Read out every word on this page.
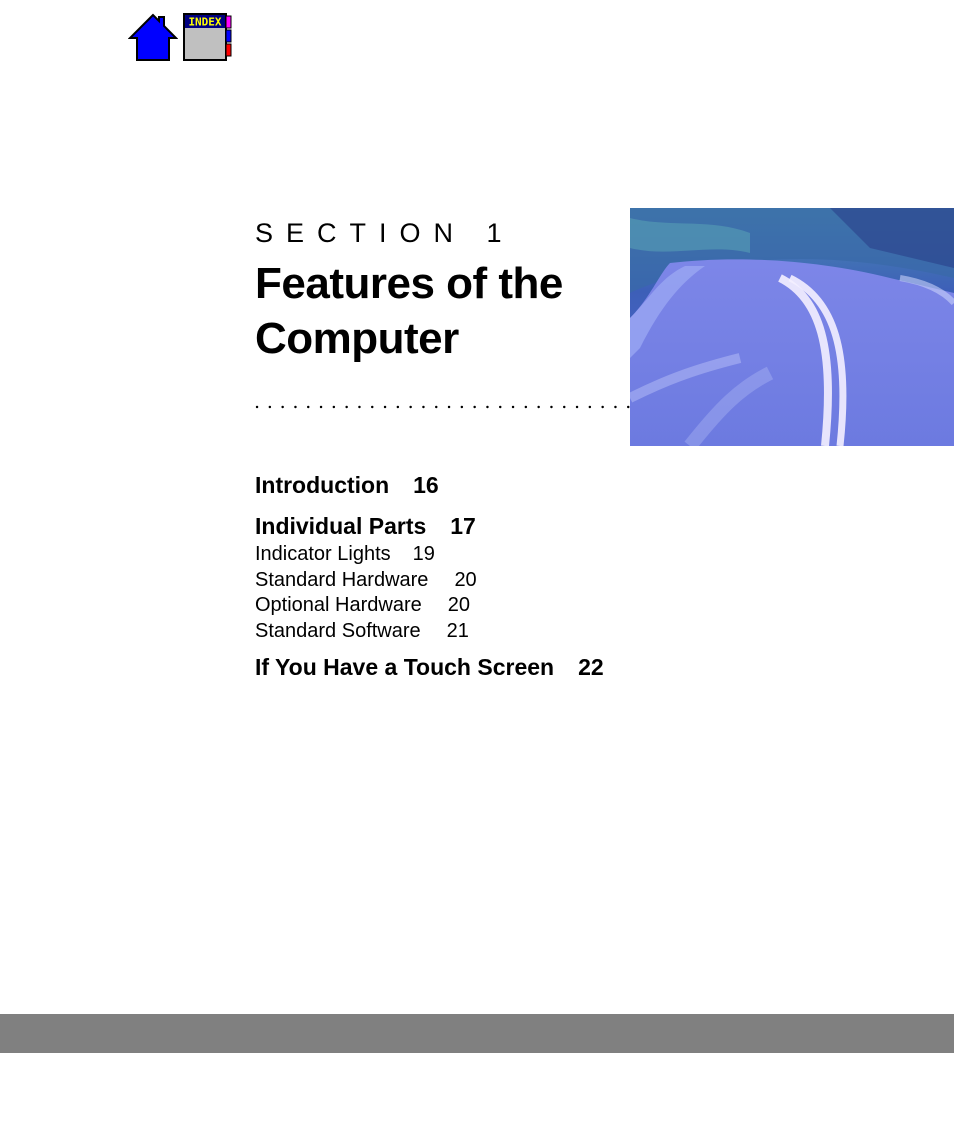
INDEX
SECTION 1
Features of the
Computer
Introduction 16
Individual Parts 17
Indicator Lights 19
Standard Hardware 20
Optional Hardware 20
Standard Software 21
If You Have a Touch Screen 22
